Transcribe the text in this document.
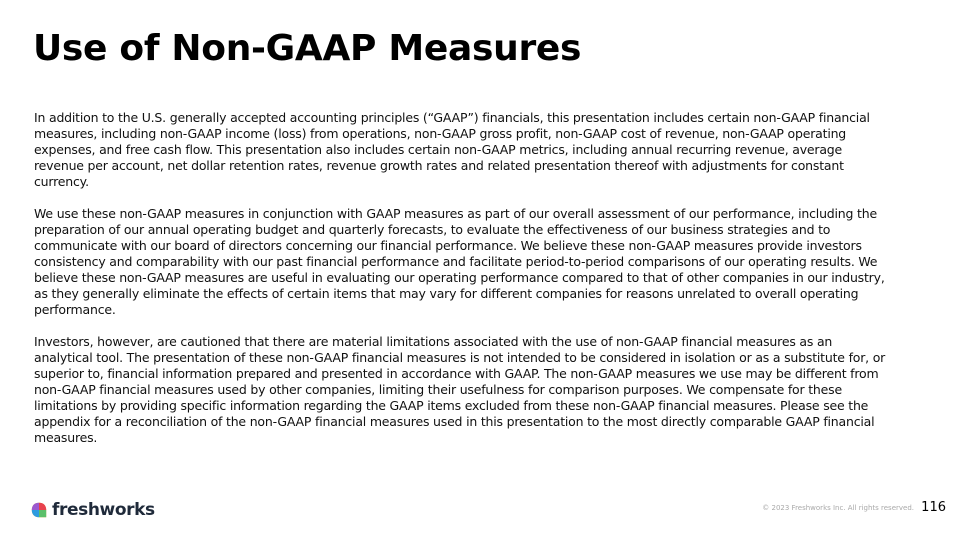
Use of Non-GAAP Measures

In addition to the U.S. generally accepted accounting principles (“GAAP”) financials, this presentation includes certain non-GAAP financial measures, including non-GAAP income (loss) from operations, non-GAAP gross profit, non-GAAP cost of revenue, non-GAAP operating expenses, and free cash flow. This presentation also includes certain non-GAAP metrics, including annual recurring revenue, average revenue per account, net dollar retention rates, revenue growth rates and related presentation thereof with adjustments for constant currency.

We use these non-GAAP measures in conjunction with GAAP measures as part of our overall assessment of our performance, including the preparation of our annual operating budget and quarterly forecasts, to evaluate the effectiveness of our business strategies and to communicate with our board of directors concerning our financial performance. We believe these non-GAAP measures provide investors consistency and comparability with our past financial performance and facilitate period-to-period comparisons of our operating results. We believe these non-GAAP measures are useful in evaluating our operating performance compared to that of other companies in our industry, as they generally eliminate the effects of certain items that may vary for different companies for reasons unrelated to overall operating performance.

Investors, however, are cautioned that there are material limitations associated with the use of non-GAAP financial measures as an analytical tool. The presentation of these non-GAAP financial measures is not intended to be considered in isolation or as a substitute for, or superior to, financial information prepared and presented in accordance with GAAP. The non-GAAP measures we use may be different from non-GAAP financial measures used by other companies, limiting their usefulness for comparison purposes. We compensate for these limitations by providing specific information regarding the GAAP items excluded from these non-GAAP financial measures. Please see the appendix for a reconciliation of the non-GAAP financial measures used in this presentation to the most directly comparable GAAP financial measures.

freshworks	© 2023 Freshworks Inc. All rights reserved. 116
